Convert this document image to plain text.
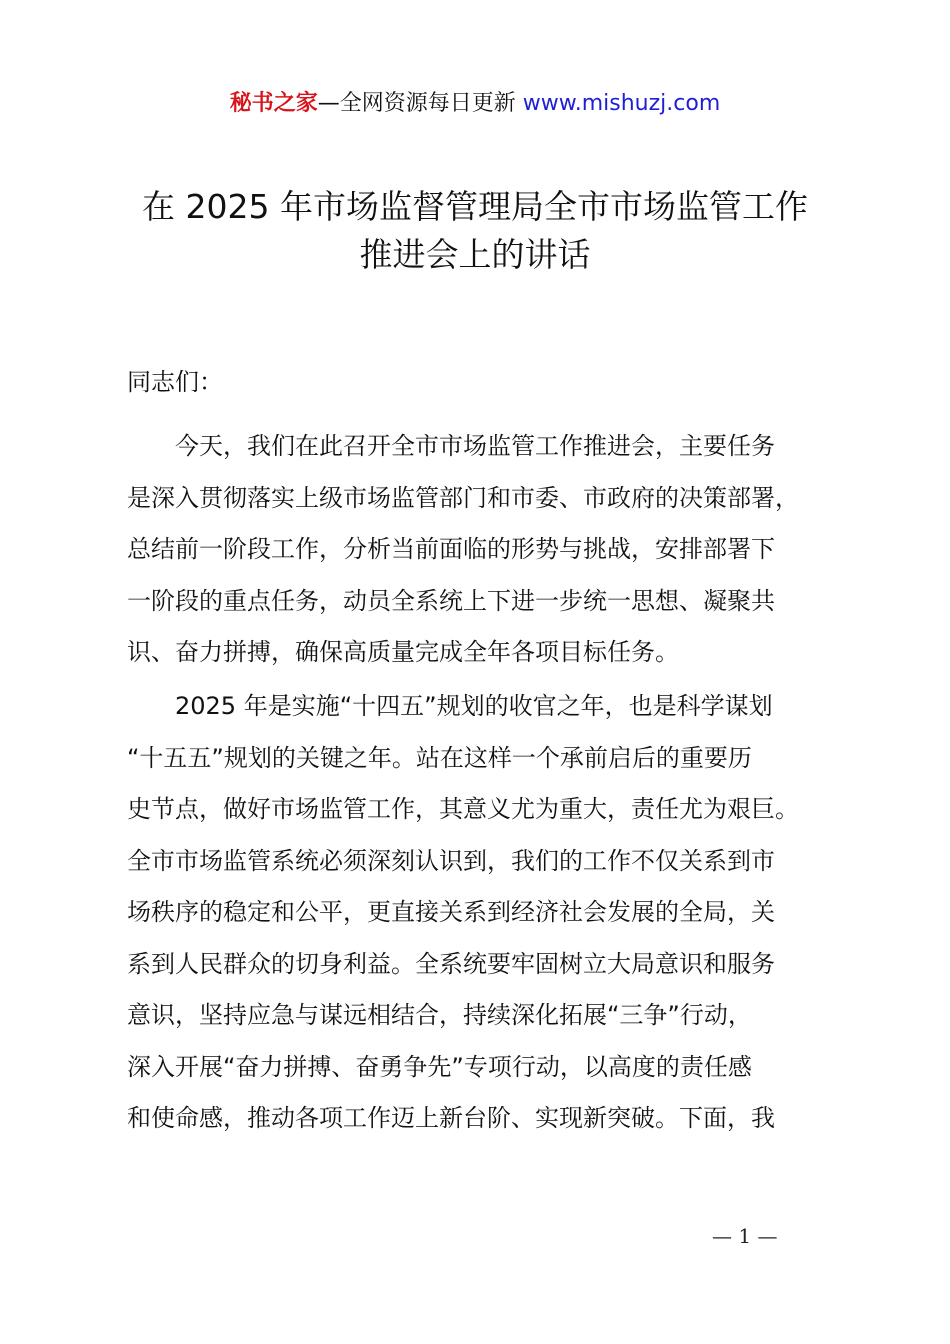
秘书之家—全网资源每日更新 www.mishuzj.com
在 2025 年市场监督管理局全市市场监管工作
推进会上的讲话
同志们：
　　今天，我们在此召开全市市场监管工作推进会，主要任务
是深入贯彻落实上级市场监管部门和市委、市政府的决策部署，
总结前一阶段工作，分析当前面临的形势与挑战，安排部署下
一阶段的重点任务，动员全系统上下进一步统一思想、凝聚共
识、奋力拼搏，确保高质量完成全年各项目标任务。
　　2025 年是实施“十四五”规划的收官之年，也是科学谋划
“十五五”规划的关键之年。站在这样一个承前启后的重要历
史节点，做好市场监管工作，其意义尤为重大，责任尤为艰巨。
全市市场监管系统必须深刻认识到，我们的工作不仅关系到市
场秩序的稳定和公平，更直接关系到经济社会发展的全局，关
系到人民群众的切身利益。全系统要牢固树立大局意识和服务
意识，坚持应急与谋远相结合，持续深化拓展“三争”行动，
深入开展“奋力拼搏、奋勇争先”专项行动，以高度的责任感
和使命感，推动各项工作迈上新台阶、实现新突破。下面，我
— 1 —
